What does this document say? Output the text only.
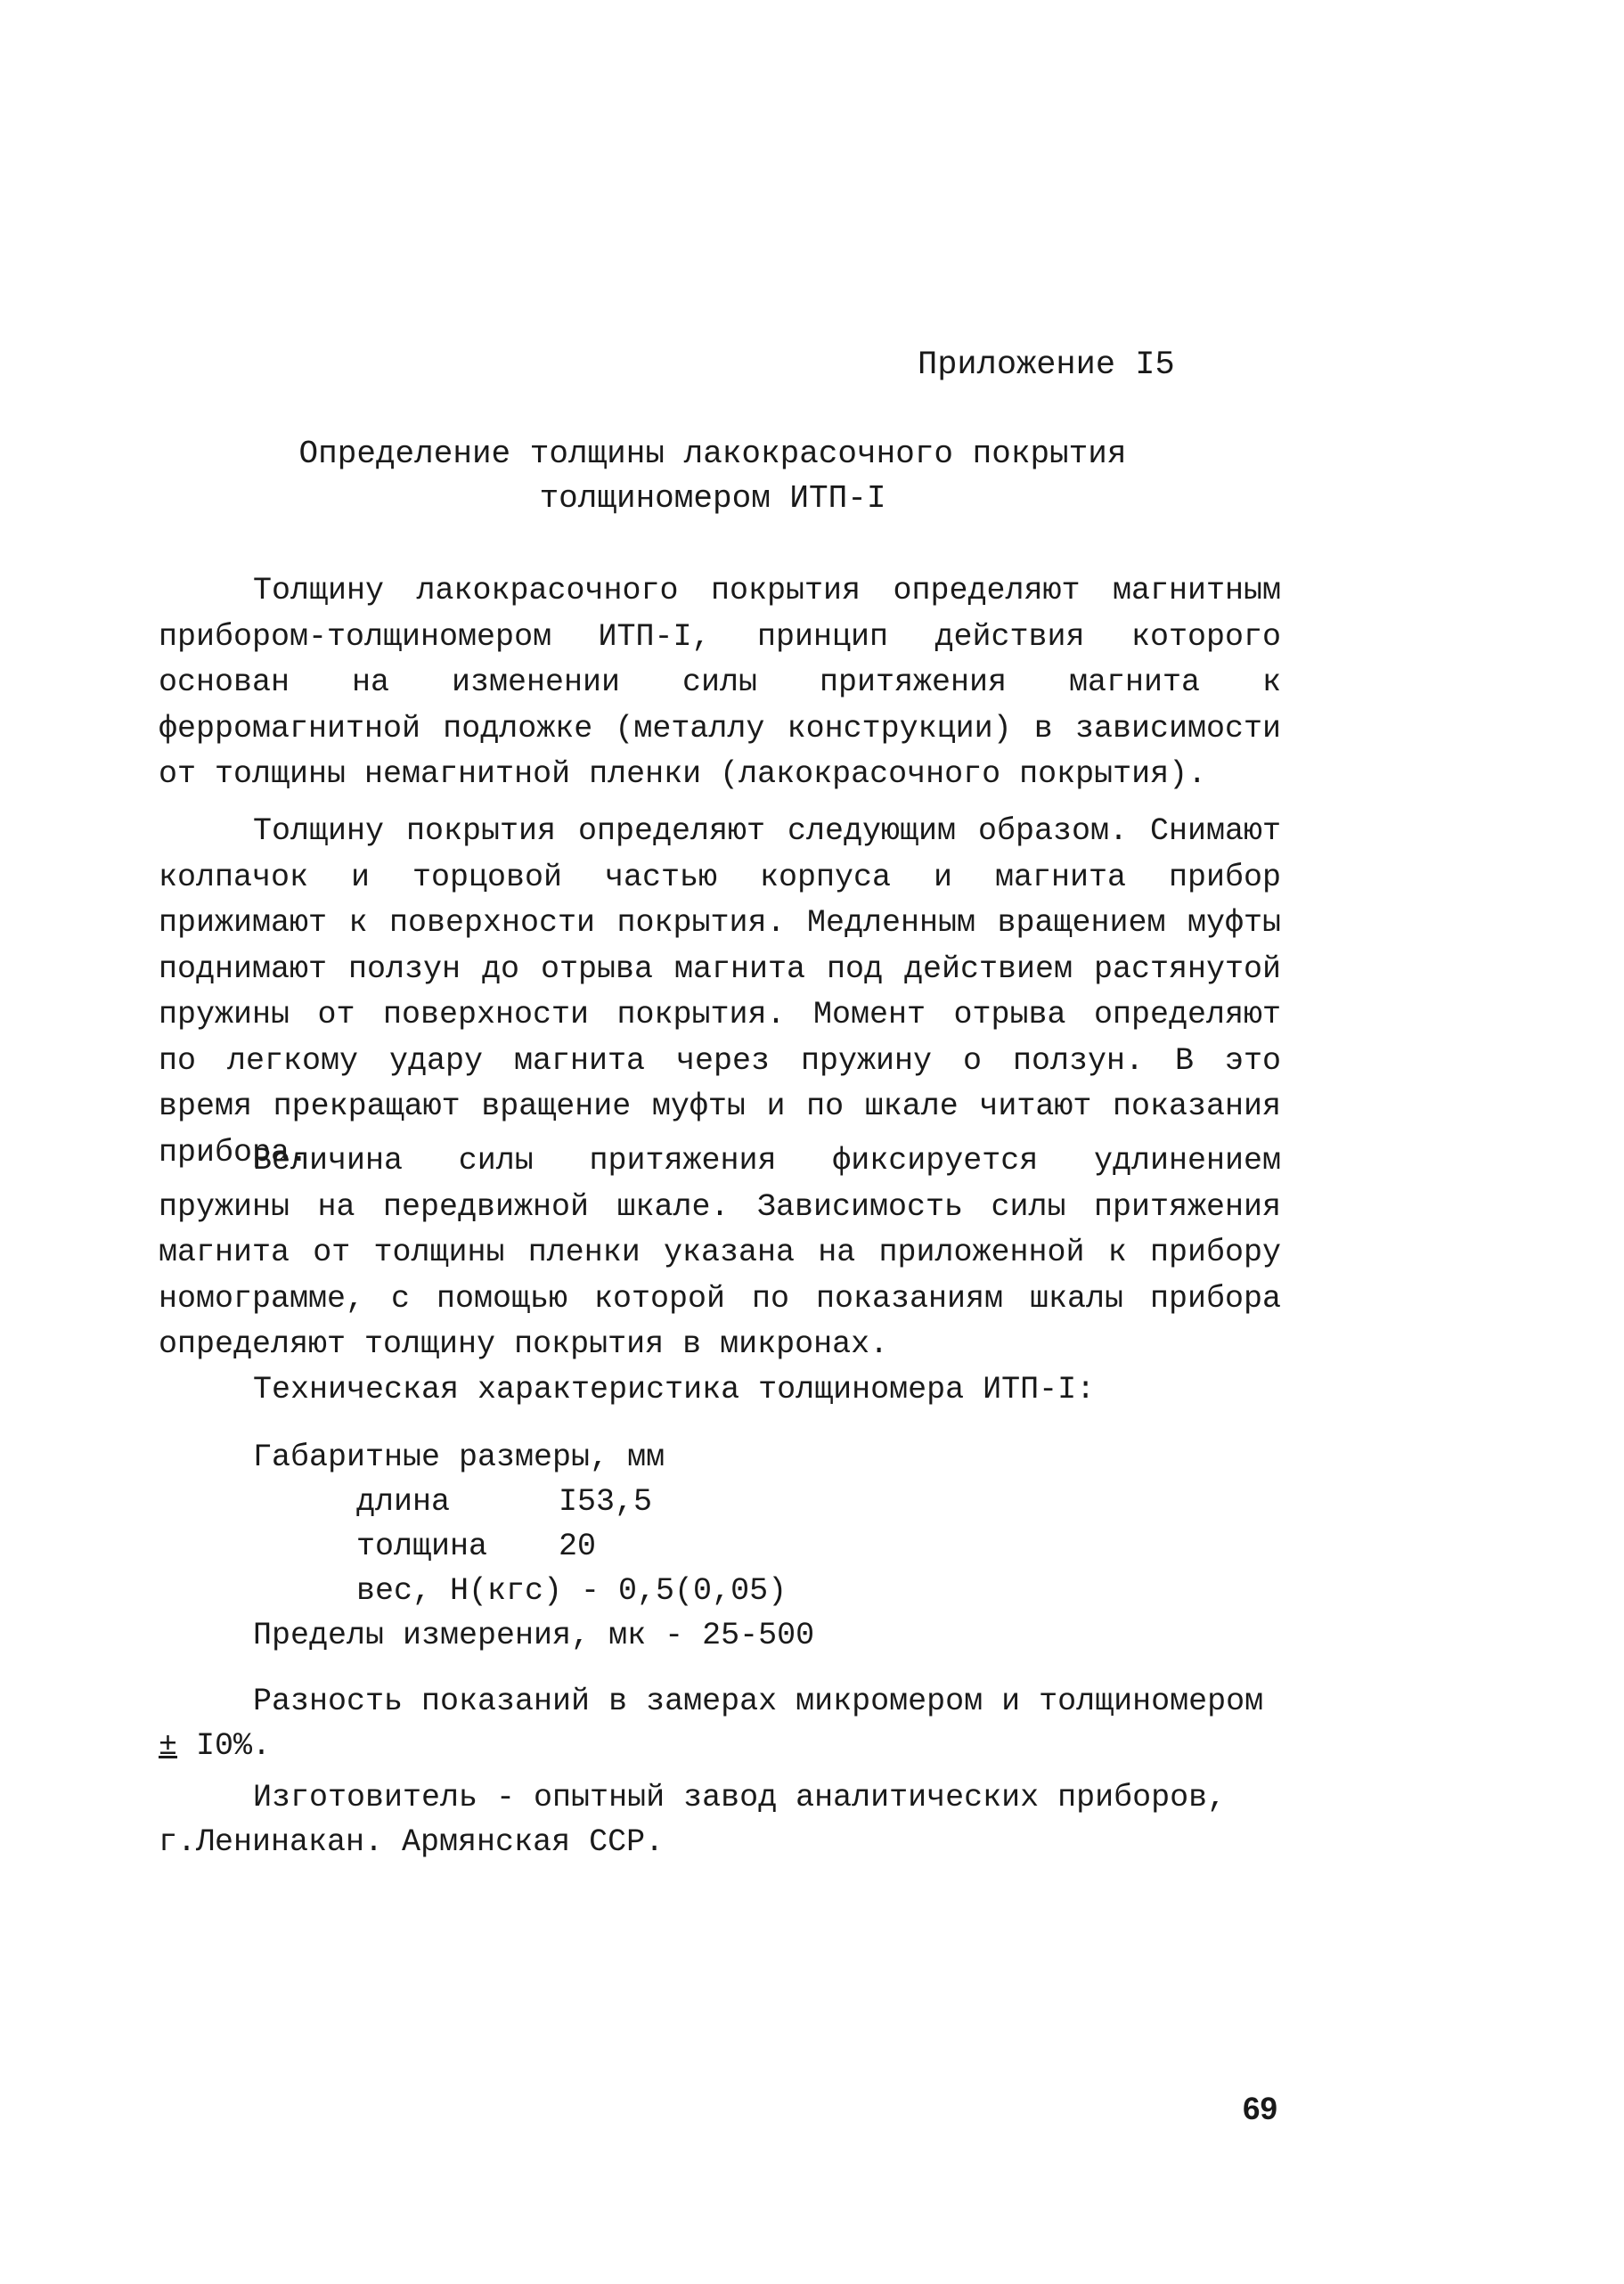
Приложение I5
Определение толщины лакокрасочного покрытия
толщиномером ИТП-I

Толщину лакокрасочного покрытия определяют магнитным прибором-толщиномером ИТП-I, принцип действия которого основан на изменении силы притяжения магнита к ферромагнитной подложке (металлу конструкции) в зависимости от толщины немагнитной пленки (лакокрасочного покрытия).

Толщину покрытия определяют следующим образом. Снимают колпачок и торцовой частью корпуса и магнита прибор прижимают к поверхности покрытия. Медленным вращением муфты поднимают ползун до отрыва магнита под действием растянутой пружины от поверхности покрытия. Момент отрыва определяют по легкому удару магнита через пружину о ползун. В это время прекращают вращение муфты и по шкале читают показания прибора.

Величина силы притяжения фиксируется удлинением пружины на передвижной шкале. Зависимость силы притяжения магнита от толщины пленки указана на приложенной к прибору номограмме, с помощью которой по показаниям шкалы прибора определяют толщину покрытия в микронах.

Техническая характеристика толщиномера ИТП-I:
Габаритные размеры, мм
длина	I53,5
толщина 20
вес, Н(кгс) - 0,5(0,05)
Пределы измерения, мк - 25-500
Разность показаний в замерах микромером и толщиномером
± I0%.
Изготовитель - опытный завод аналитических приборов,
г.Ленинакан. Армянская ССР.
69
